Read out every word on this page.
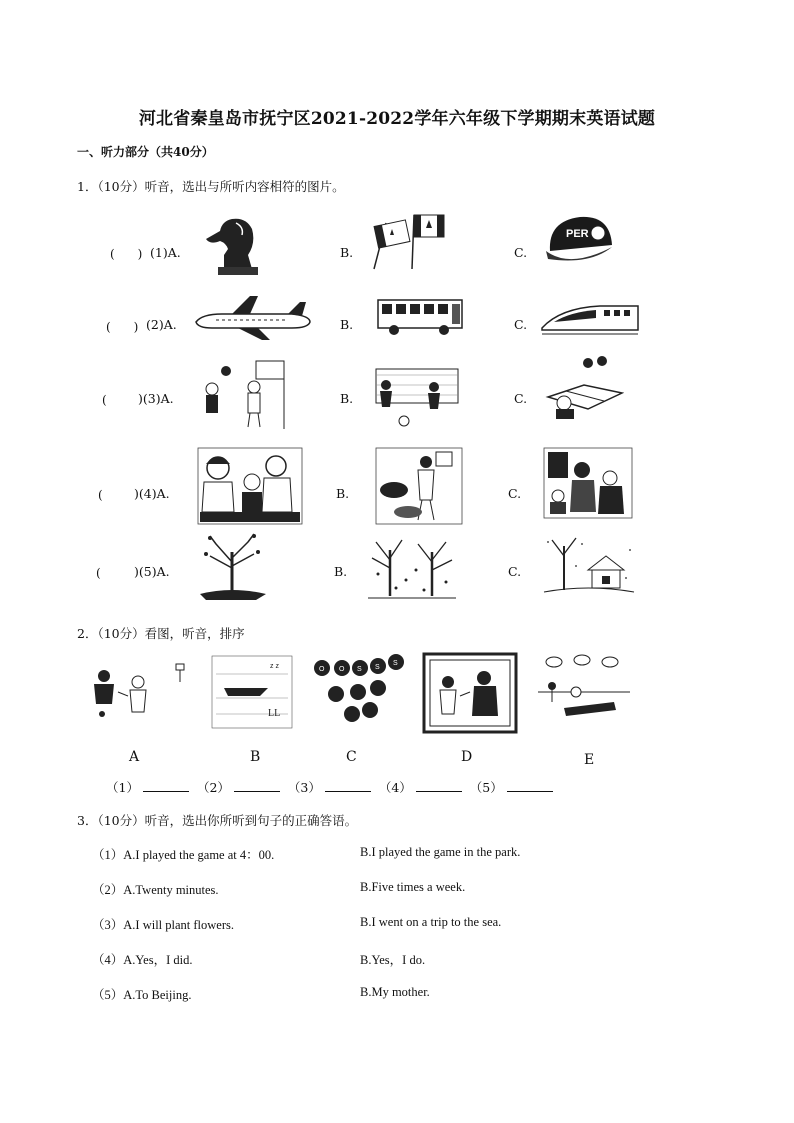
河北省秦皇岛市抚宁区2021-2022学年六年级下学期期末英语试题
一、听力部分（共40分）
1．（10分）听音，选出与所听内容相符的图片。
(      ) (1)A.	B.	C.
PER
(      ) (2)A.	B.	C.
( )(3)A.	B.	C.
( )(4)A.	B.	C.
( )(5)A.	B.	C.
2．（10分）看图，听音，排序
z z
LL
O O S S
S
A	B	C	D	E
（1）	（2）	（3）	（4）	（5）
3．（10分）听音，选出你所听到句子的正确答语。
（1）A.I played the game at 4：00.	B.I played the game in the park.
（2）A.Twenty minutes.	B.Five times a week.
（3）A.I will plant flowers.	B.I went on a trip to the sea.
（4）A.Yes，I did.	B.Yes，I do.
（5）A.To Beijing.	B.My mother.
